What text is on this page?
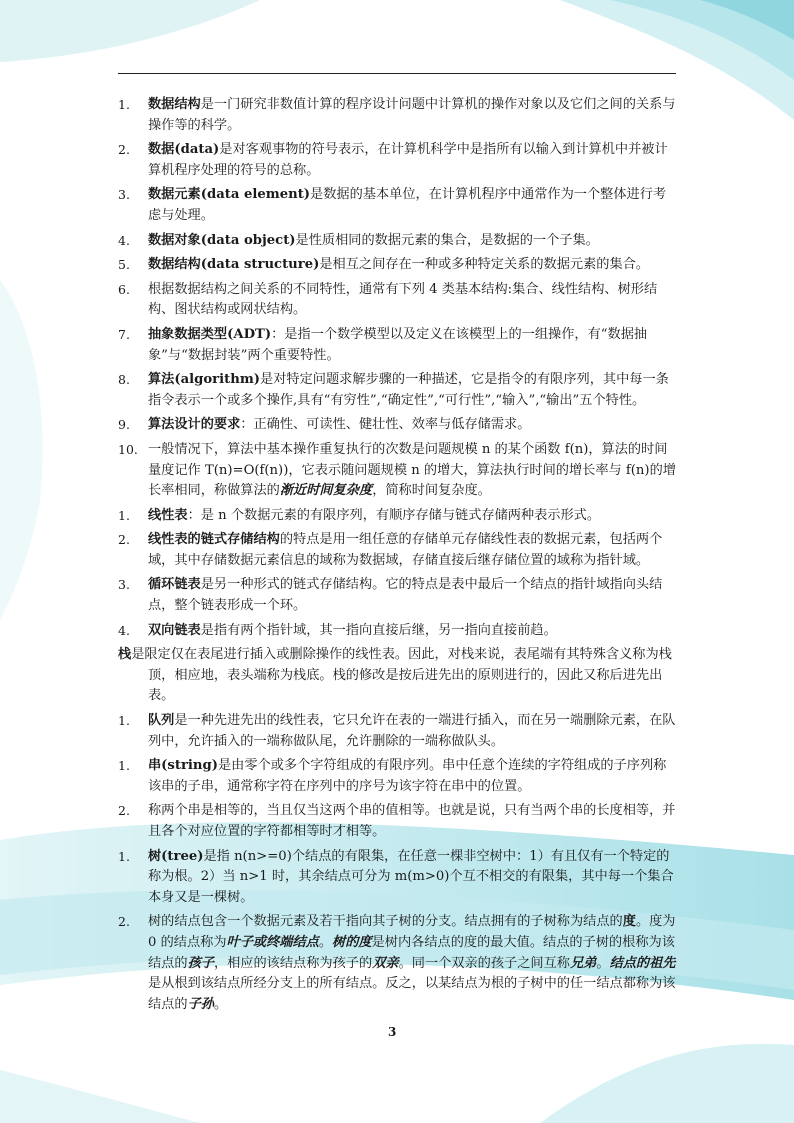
1.	数据结构是一门研究非数值计算的程序设计问题中计算机的操作对象以及它们之间的关系与操作等的科学。
2.	数据(data)是对客观事物的符号表示，在计算机科学中是指所有以输入到计算机中并被计算机程序处理的符号的总称。
3.	数据元素(data element)是数据的基本单位，在计算机程序中通常作为一个整体进行考虑与处理。
4.	数据对象(data object)是性质相同的数据元素的集合，是数据的一个子集。
5.	数据结构(data structure)是相互之间存在一种或多种特定关系的数据元素的集合。
6.	根据数据结构之间关系的不同特性，通常有下列 4 类基本结构:集合、线性结构、树形结构、图状结构或网状结构。
7.	抽象数据类型(ADT)：是指一个数学模型以及定义在该模型上的一组操作，有“数据抽象”与“数据封装”两个重要特性。
8.	算法(algorithm)是对特定问题求解步骤的一种描述，它是指令的有限序列，其中每一条指令表示一个或多个操作,具有“有穷性”,“确定性”,“可行性”,“输入”,“输出”五个特性。
9.	算法设计的要求：正确性、可读性、健壮性、效率与低存储需求。
10. 一般情况下，算法中基本操作重复执行的次数是问题规模 n 的某个函数 f(n)，算法的时间量度记作 T(n)=O(f(n))，它表示随问题规模 n 的增大，算法执行时间的增长率与 f(n)的增长率相同，称做算法的渐近时间复杂度，简称时间复杂度。
1.	线性表：是 n 个数据元素的有限序列，有顺序存储与链式存储两种表示形式。
2.	线性表的链式存储结构的特点是用一组任意的存储单元存储线性表的数据元素，包括两个域，其中存储数据元素信息的域称为数据域，存储直接后继存储位置的域称为指针域。
3.	循环链表是另一种形式的链式存储结构。它的特点是表中最后一个结点的指针域指向头结点，整个链表形成一个环。
4.	双向链表是指有两个指针域，其一指向直接后继，另一指向直接前趋。
栈是限定仅在表尾进行插入或删除操作的线性表。因此，对栈来说，表尾端有其特殊含义称为栈顶，相应地，表头端称为栈底。栈的修改是按后进先出的原则进行的，因此又称后进先出表。
1.	队列是一种先进先出的线性表，它只允许在表的一端进行插入，而在另一端删除元素，在队列中，允许插入的一端称做队尾，允许删除的一端称做队头。
1.	串(string)是由零个或多个字符组成的有限序列。串中任意个连续的字符组成的子序列称该串的子串，通常称字符在序列中的序号为该字符在串中的位置。
2.	称两个串是相等的，当且仅当这两个串的值相等。也就是说，只有当两个串的长度相等，并且各个对应位置的字符都相等时才相等。
1.	树(tree)是指 n(n>=0)个结点的有限集，在任意一棵非空树中：1）有且仅有一个特定的称为根。2）当 n>1 时，其余结点可分为 m(m>0)个互不相交的有限集，其中每一个集合本身又是一棵树。
2.	树的结点包含一个数据元素及若干指向其子树的分支。结点拥有的子树称为结点的度。度为 0 的结点称为叶子或终端结点。树的度是树内各结点的度的最大值。结点的子树的根称为该结点的孩子，相应的该结点称为孩子的双亲。同一个双亲的孩子之间互称兄弟。结点的祖先是从根到该结点所经分支上的所有结点。反之，以某结点为根的子树中的任一结点都称为该结点的子孙。
3
